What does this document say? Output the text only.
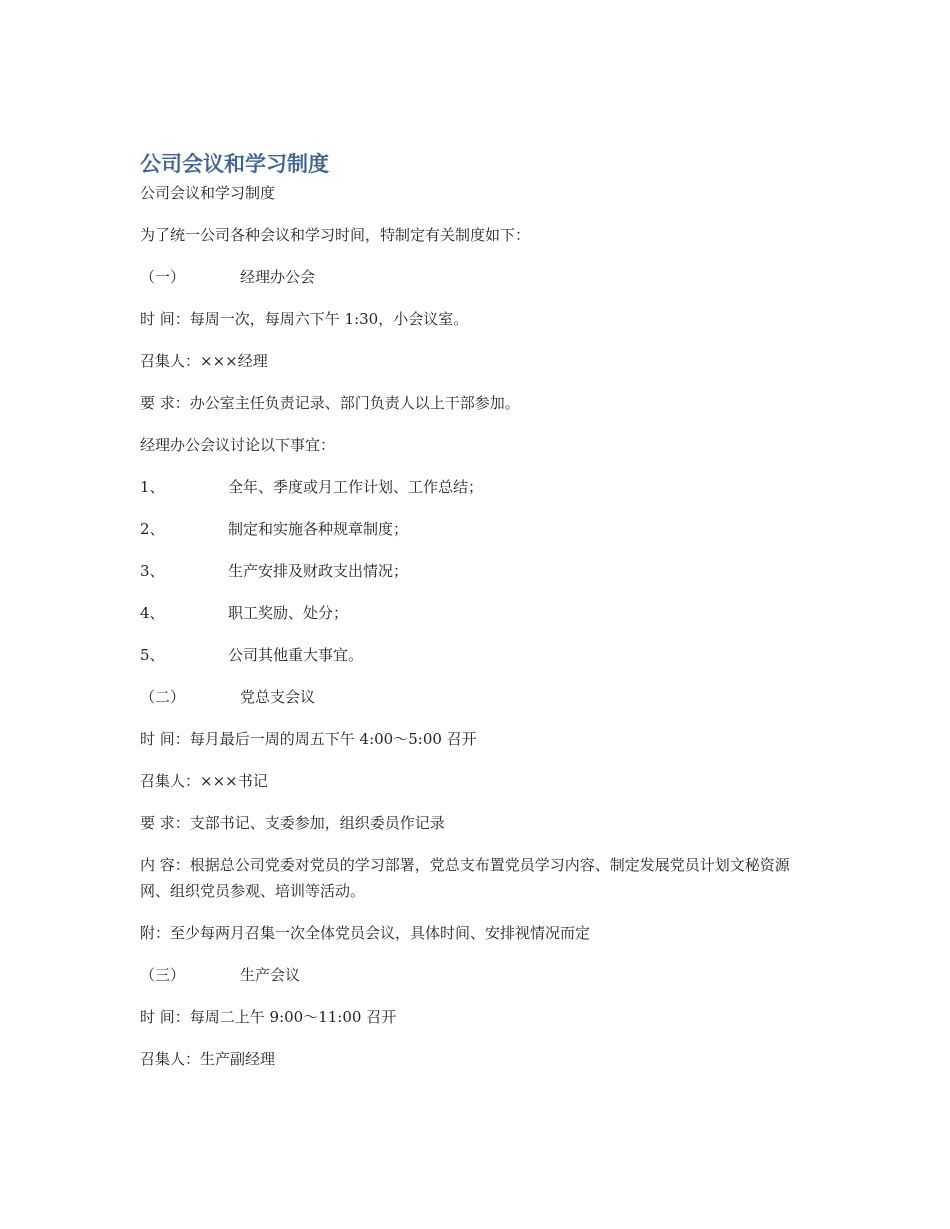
公司会议和学习制度

公司会议和学习制度

为了统一公司各种会议和学习时间，特制定有关制度如下：

（一）	经理办公会

时 间：每周一次，每周六下午 1:30，小会议室。

召集人：×××经理

要 求：办公室主任负责记录、部门负责人以上干部参加。

经理办公会议讨论以下事宜：

1、	全年、季度或月工作计划、工作总结；

2、	制定和实施各种规章制度；

3、	生产安排及财政支出情况；

4、	职工奖励、处分；

5、	公司其他重大事宜。

（二）	党总支会议

时 间：每月最后一周的周五下午 4:00～5:00 召开

召集人：×××书记

要 求：支部书记、支委参加，组织委员作记录

内 容：根据总公司党委对党员的学习部署，党总支布置党员学习内容、制定发展党员计划文秘资源网、组织党员参观、培训等活动。

附：至少每两月召集一次全体党员会议，具体时间、安排视情况而定

（三）	生产会议

时 间：每周二上午 9:00～11:00 召开

召集人：生产副经理
